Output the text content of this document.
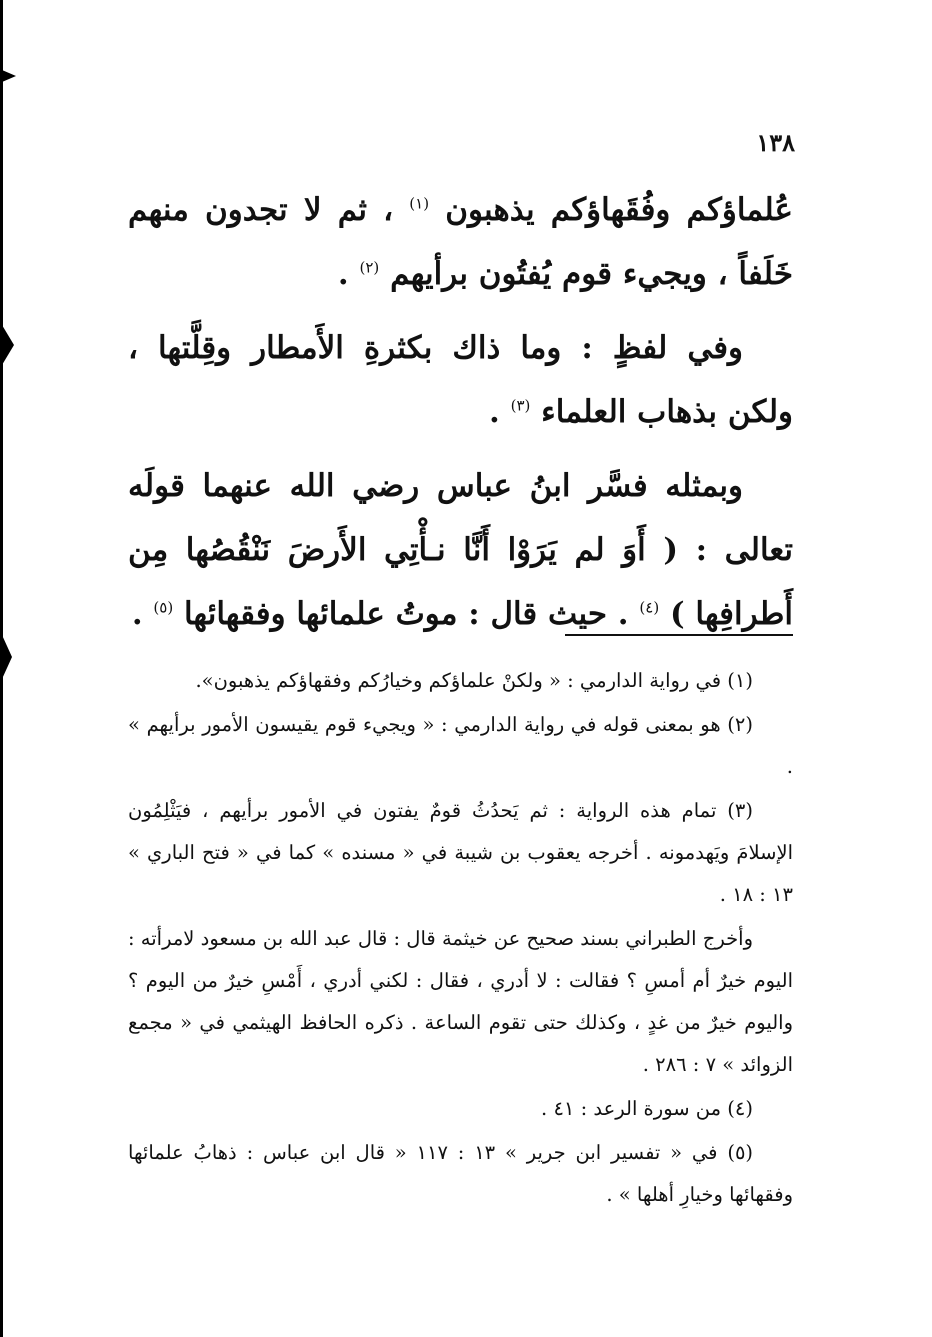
١٣٨

عُلماؤكم وفُقَهاؤكم يذهبون $^{(١)}$ ، ثم لا تجدون منهم خَلَفاً ، ويجيء قوم يُفتُون برأيهم $^{(٢)}$ .

وفي لفظٍ : وما ذاك بكثرةِ الأَمطار وقِلَّتها ، ولكن بذهاب العلماء $^{(٣)}$ .

وبمثله فسَّر ابنُ عباس رضي الله عنهما قولَه تعالى : ( أَوَ لم يَرَوْا أَنَّا نـأْتِي الأَرضَ نَنْقُصُها مِن أَطرافِها ) $^{(٤)}$ . حيث قال : موتُ علمائها وفقهائها $^{(٥)}$ .

(١) في رواية الدارمي : « ولكنْ علماؤكم وخيارُكم وفقهاؤكم يذهبون».

(٢) هو بمعنى قوله في رواية الدارمي : « ويجيء قوم يقيسون الأمور برأيهم » .

(٣) تمام هذه الرواية : ثم يَحدُثُ قومٌ يفتون في الأمور برأيهم ، فيَثْلِمُون الإسلامَ ويَهدمونه . أخرجه يعقوب بن شيبة في « مسنده » كما في « فتح الباري » ١٣ : ١٨ .

وأخرج الطبراني بسند صحيح عن خيثمة قال : قال عبد الله بن مسعود لامرأته : اليوم خيرٌ أم أمسِ ؟ فقالت : لا أدري ، فقال : لكني أدري ، أَمْسِ خيرٌ من اليوم ؟ واليوم خيرٌ من غدٍ ، وكذلك حتى تقوم الساعة . ذكره الحافظ الهيثمي في « مجمع الزوائد » ٧ : ٢٨٦ .

(٤) من سورة الرعد : ٤١ .

(٥) في « تفسير ابن جرير » ١٣ : ١١٧ « قال ابن عباس : ذهابُ علمائها وفقهائها وخيارِ أهلها » .
